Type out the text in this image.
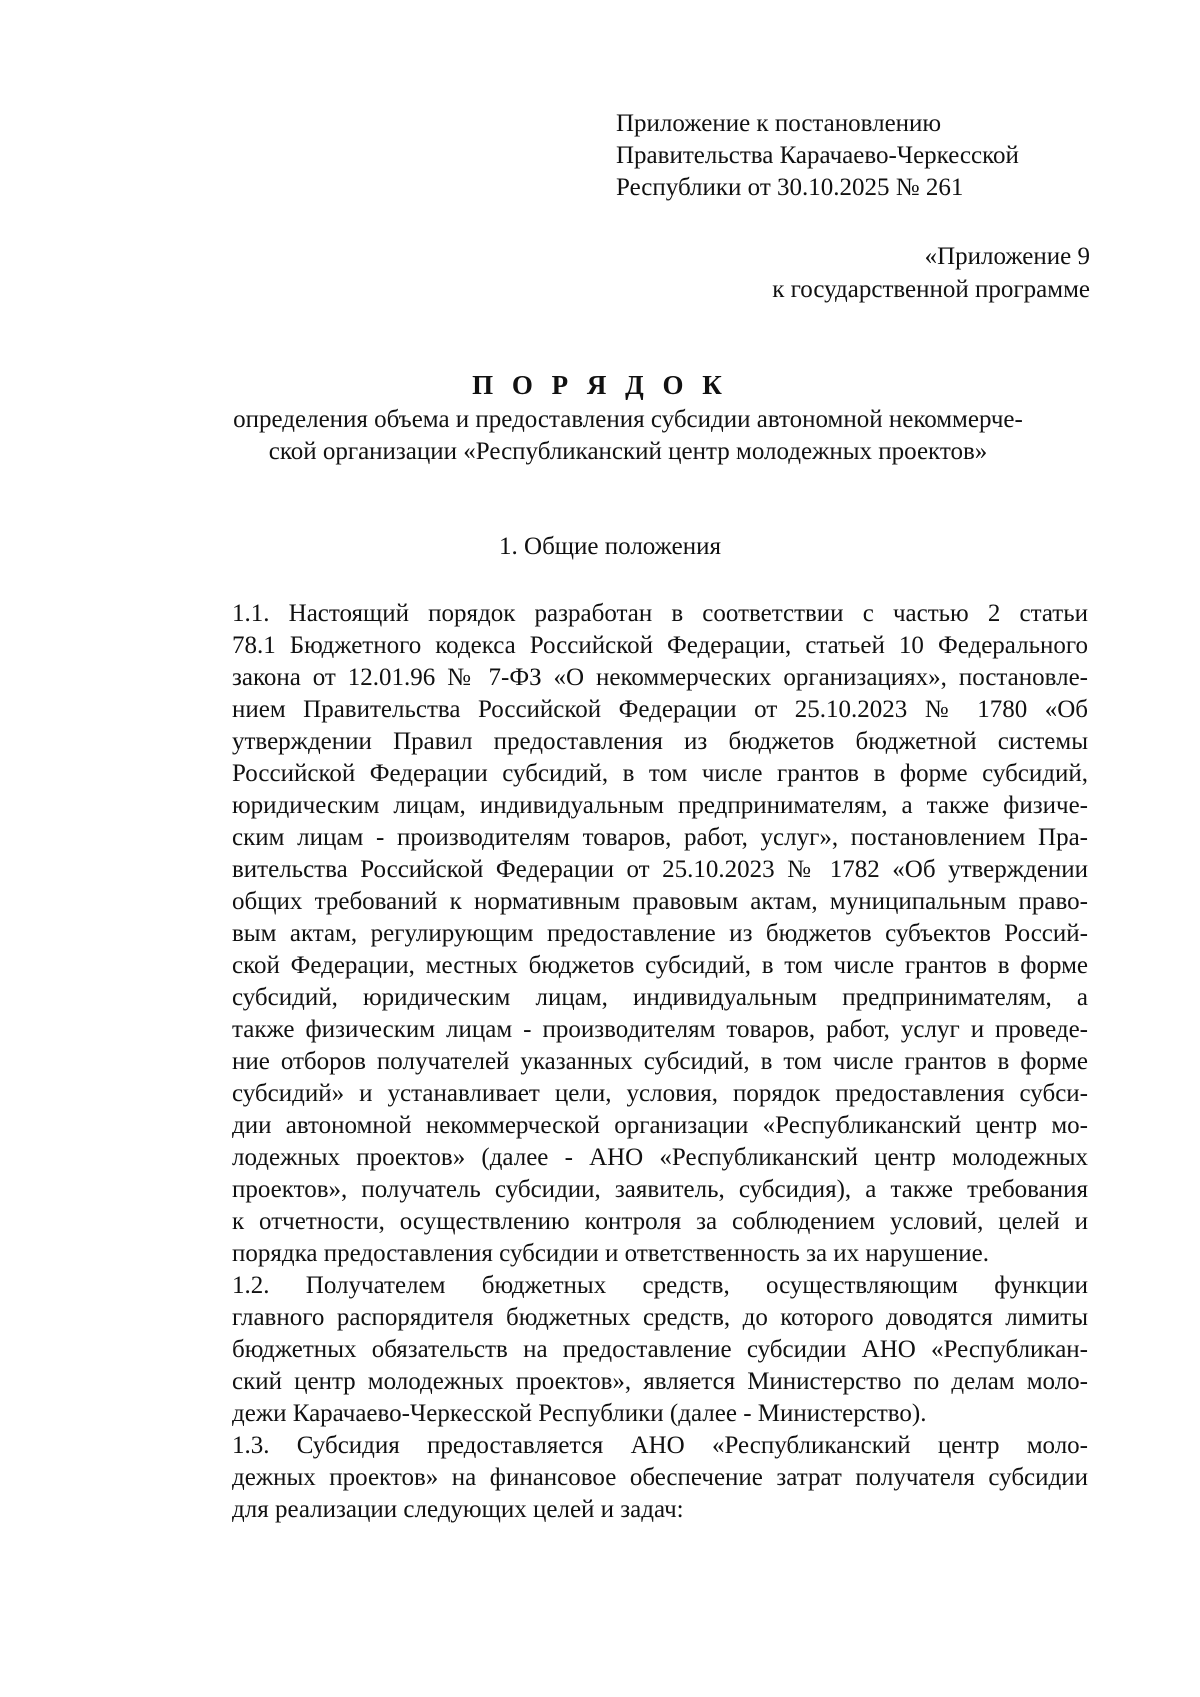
Приложение к постановлению
Правительства Карачаево-Черкесской
Республики от 30.10.2025 № 261
«Приложение 9
к государственной программе
П О Р Я Д О К
определения объема и предоставления субсидии автономной некоммерче-
ской организации «Республиканский центр молодежных проектов»
1. Общие положения

1.1. Настоящий порядок разработан в соответствии с частью 2 статьи
78.1 Бюджетного кодекса Российской Федерации, статьей 10 Федерального
закона от 12.01.96 № 7-ФЗ «О некоммерческих организациях», постановле-
нием Правительства Российской Федерации от 25.10.2023 № 1780 «Об
утверждении Правил предоставления из бюджетов бюджетной системы
Российской Федерации субсидий, в том числе грантов в форме субсидий,
юридическим лицам, индивидуальным предпринимателям, а также физиче-
ским лицам - производителям товаров, работ, услуг», постановлением Пра-
вительства Российской Федерации от 25.10.2023 № 1782 «Об утверждении
общих требований к нормативным правовым актам, муниципальным право-
вым актам, регулирующим предоставление из бюджетов субъектов Россий-
ской Федерации, местных бюджетов субсидий, в том числе грантов в форме
субсидий, юридическим лицам, индивидуальным предпринимателям, а
также физическим лицам - производителям товаров, работ, услуг и проведе-
ние отборов получателей указанных субсидий, в том числе грантов в форме
субсидий» и устанавливает цели, условия, порядок предоставления субси-
дии автономной некоммерческой организации «Республиканский центр мо-
лодежных проектов» (далее - АНО «Республиканский центр молодежных
проектов», получатель субсидии, заявитель, субсидия), а также требования
к отчетности, осуществлению контроля за соблюдением условий, целей и
порядка предоставления субсидии и ответственность за их нарушение.

1.2. Получателем бюджетных средств, осуществляющим функции
главного распорядителя бюджетных средств, до которого доводятся лимиты
бюджетных обязательств на предоставление субсидии АНО «Республикан-
ский центр молодежных проектов», является Министерство по делам моло-
дежи Карачаево-Черкесской Республики (далее - Министерство).

1.3. Субсидия предоставляется АНО «Республиканский центр моло-
дежных проектов» на финансовое обеспечение затрат получателя субсидии
для реализации следующих целей и задач:
